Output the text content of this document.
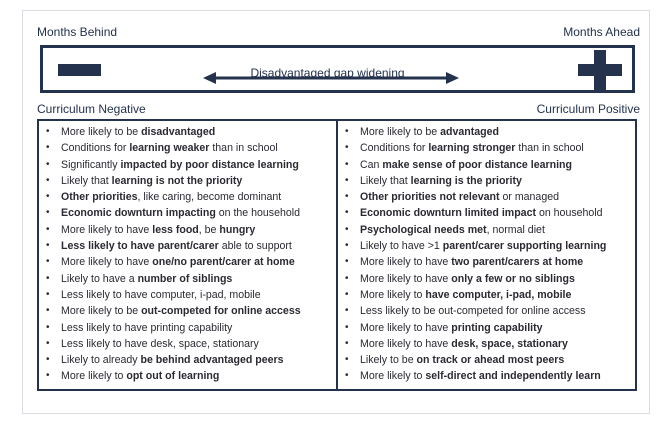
Months Behind	Months Ahead
Disadvantaged gap widening
Curriculum Negative	Curriculum Positive
• More likely to be disadvantaged
• Conditions for learning weaker than in school
• Significantly impacted by poor distance learning
• Likely that learning is not the priority
• Other priorities, like caring, become dominant
• Economic downturn impacting on the household
• More likely to have less food, be hungry
• Less likely to have parent/carer able to support
• More likely to have one/no parent/carer at home
• Likely to have a number of siblings
• Less likely to have computer, i-pad, mobile
• More likely to be out-competed for online access
• Less likely to have printing capability
• Less likely to have desk, space, stationary
• Likely to already be behind advantaged peers
• More likely to opt out of learning
• More likely to be advantaged
• Conditions for learning stronger than in school
• Can make sense of poor distance learning
• Likely that learning is the priority
• Other priorities not relevant or managed
• Economic downturn limited impact on household
• Psychological needs met, normal diet
• Likely to have >1 parent/carer supporting learning
• More likely to have two parent/carers at home
• More likely to have only a few or no siblings
• More likely to have computer, i-pad, mobile
• Less likely to be out-competed for online access
• More likely to have printing capability
• More likely to have desk, space, stationary
• Likely to be on track or ahead most peers
• More likely to self-direct and independently learn
